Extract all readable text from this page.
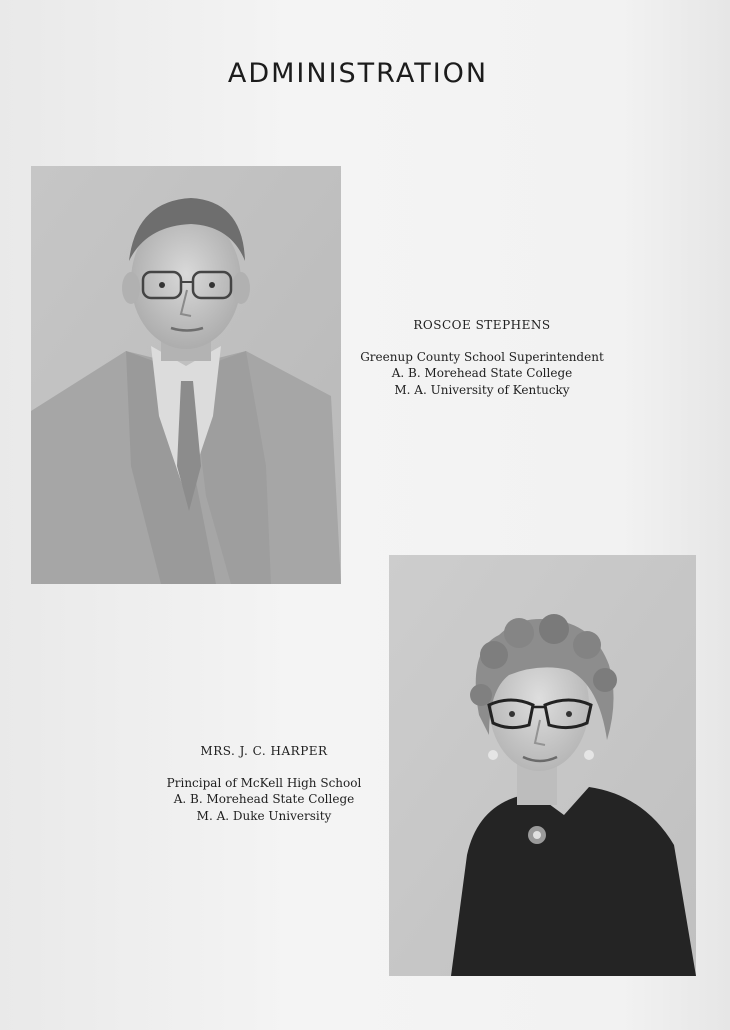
ADMINISTRATION
ROSCOE STEPHENS
Greenup County School Superintendent
A. B. Morehead State College
M. A. University of Kentucky
MRS. J. C. HARPER
Principal of McKell High School
A. B. Morehead State College
M. A. Duke University
